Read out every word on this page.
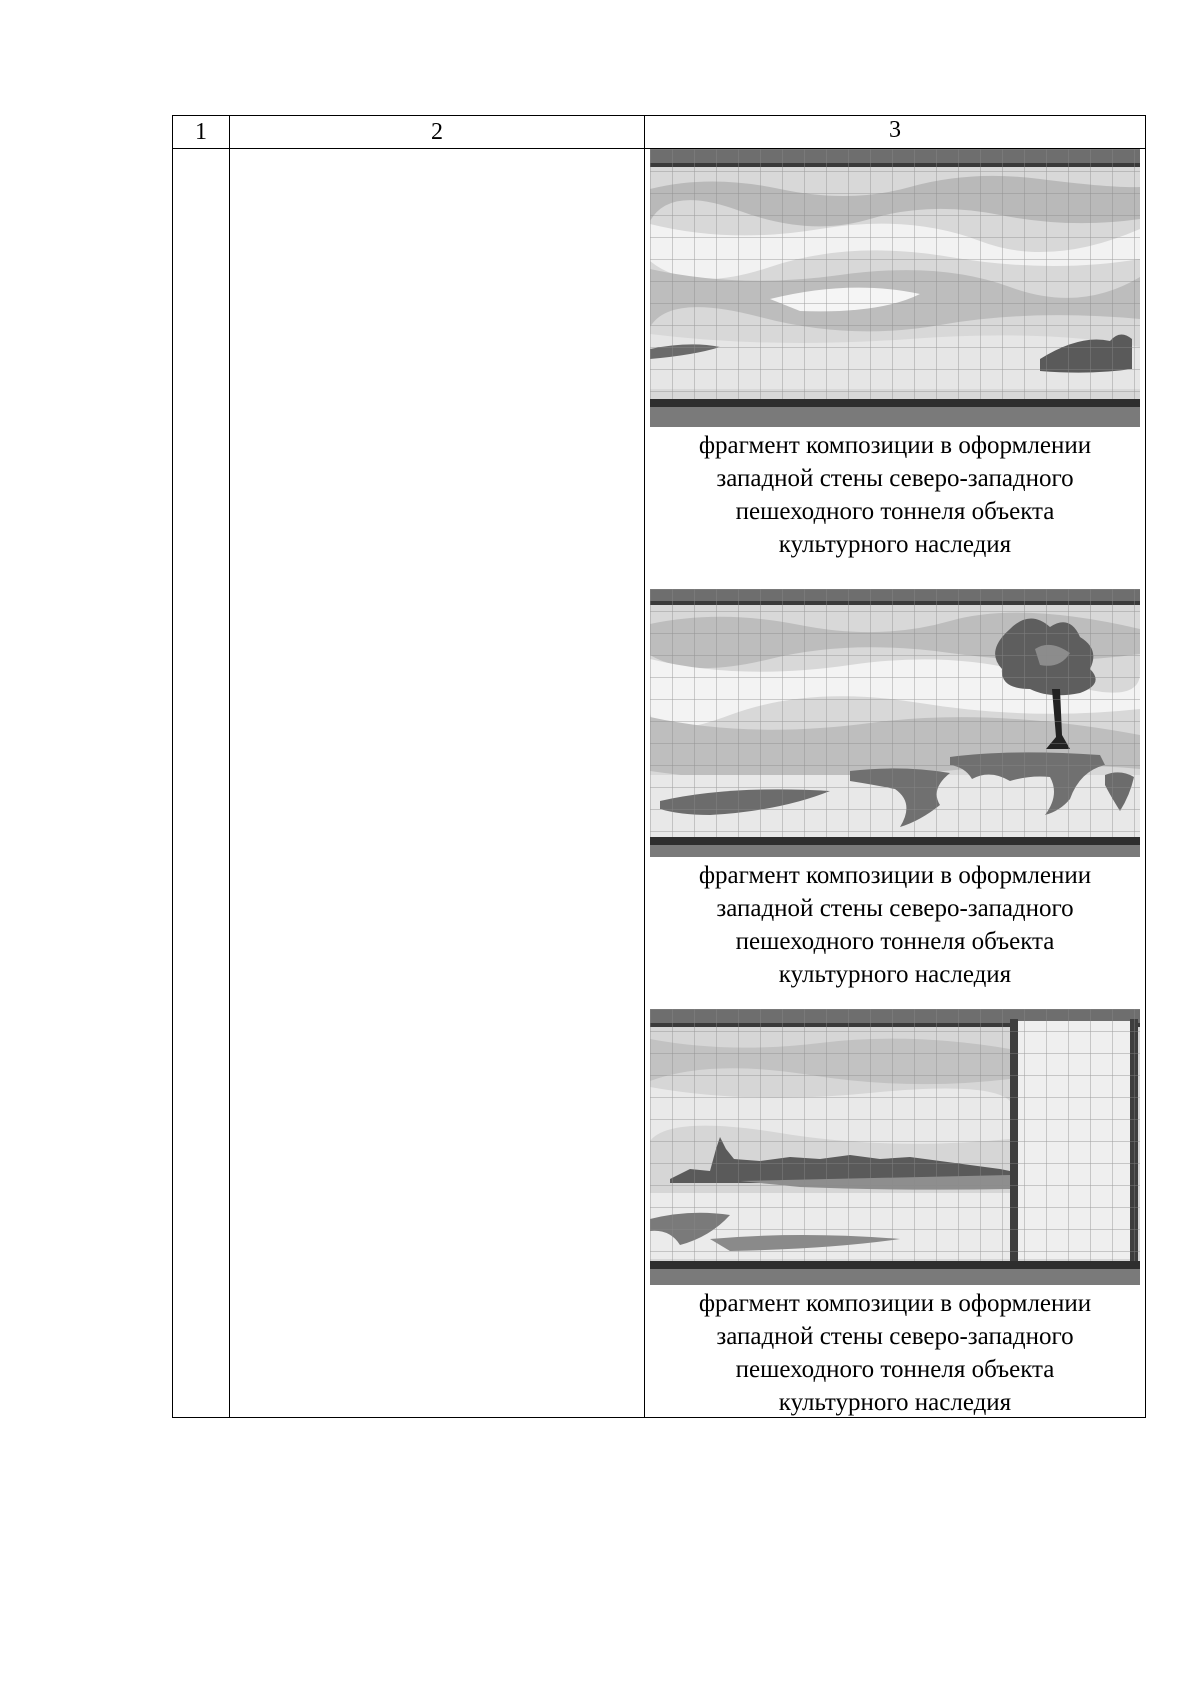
1	2	3
фрагмент композиции в оформлении
западной стены северо-западного
пешеходного тоннеля объекта
культурного наследия
фрагмент композиции в оформлении
западной стены северо-западного
пешеходного тоннеля объекта
культурного наследия
фрагмент композиции в оформлении
западной стены северо-западного
пешеходного тоннеля объекта
культурного наследия
